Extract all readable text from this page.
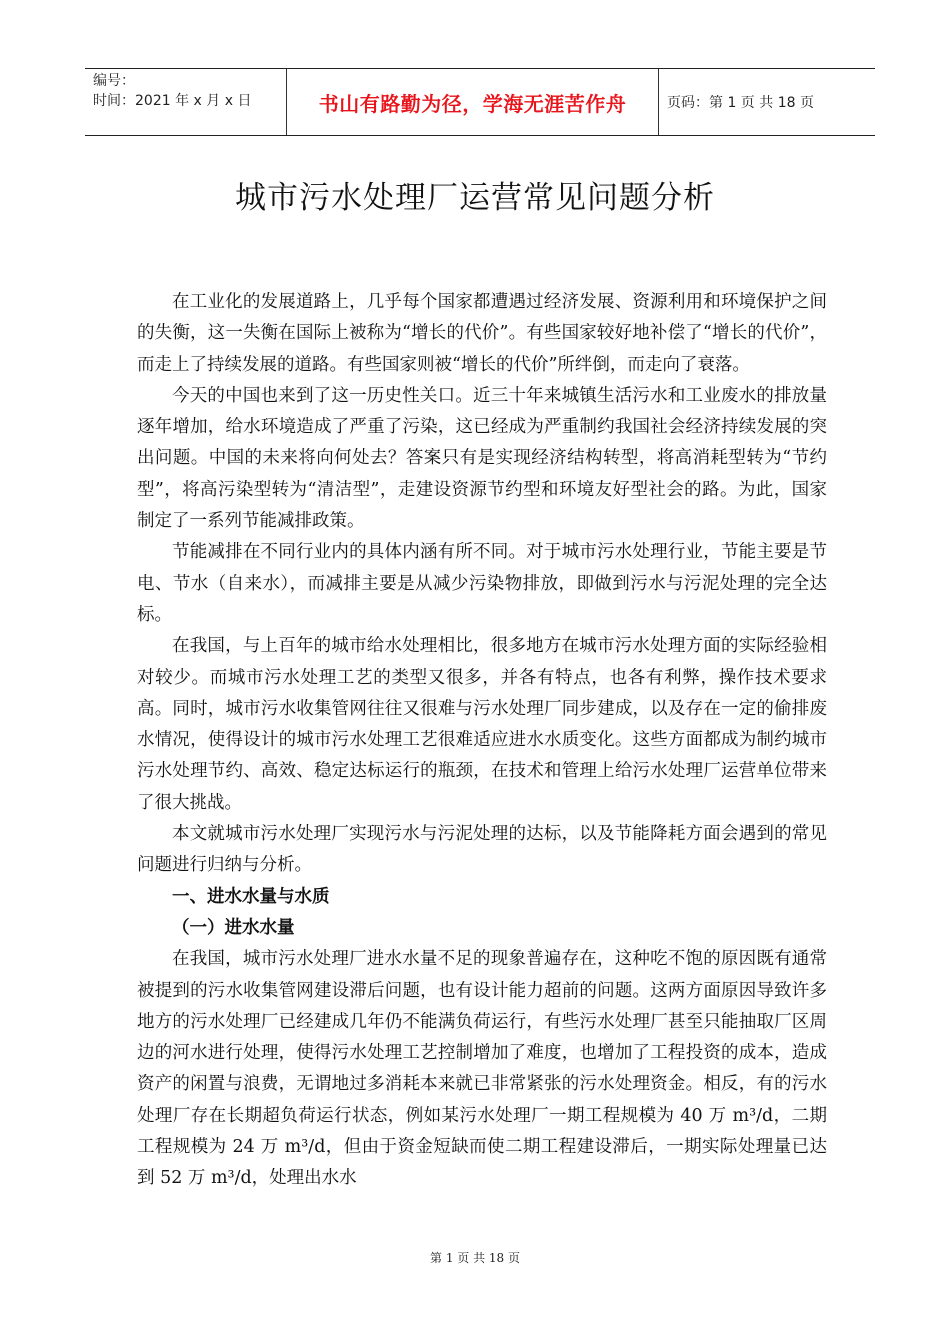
编号：
时间：2021 年 x 月 x 日	书山有路勤为径，学海无涯苦作舟	页码：第 1 页 共 18 页
城市污水处理厂运营常见问题分析

在工业化的发展道路上，几乎每个国家都遭遇过经济发展、资源利用和环境保护之间的失衡，这一失衡在国际上被称为“增长的代价”。有些国家较好地补偿了“增长的代价”，而走上了持续发展的道路。有些国家则被“增长的代价”所绊倒，而走向了衰落。

今天的中国也来到了这一历史性关口。近三十年来城镇生活污水和工业废水的排放量逐年增加，给水环境造成了严重了污染，这已经成为严重制约我国社会经济持续发展的突出问题。中国的未来将向何处去？答案只有是实现经济结构转型，将高消耗型转为“节约型”，将高污染型转为“清洁型”，走建设资源节约型和环境友好型社会的路。为此，国家制定了一系列节能减排政策。

节能减排在不同行业内的具体内涵有所不同。对于城市污水处理行业，节能主要是节电、节水（自来水），而减排主要是从减少污染物排放，即做到污水与污泥处理的完全达标。

在我国，与上百年的城市给水处理相比，很多地方在城市污水处理方面的实际经验相对较少。而城市污水处理工艺的类型又很多，并各有特点，也各有利弊，操作技术要求高。同时，城市污水收集管网往往又很难与污水处理厂同步建成，以及存在一定的偷排废水情况，使得设计的城市污水处理工艺很难适应进水水质变化。这些方面都成为制约城市污水处理节约、高效、稳定达标运行的瓶颈，在技术和管理上给污水处理厂运营单位带来了很大挑战。

本文就城市污水处理厂实现污水与污泥处理的达标，以及节能降耗方面会遇到的常见问题进行归纳与分析。

一、进水水量与水质
（一）进水水量

在我国，城市污水处理厂进水水量不足的现象普遍存在，这种吃不饱的原因既有通常被提到的污水收集管网建设滞后问题，也有设计能力超前的问题。这两方面原因导致许多地方的污水处理厂已经建成几年仍不能满负荷运行，有些污水处理厂甚至只能抽取厂区周边的河水进行处理，使得污水处理工艺控制增加了难度，也增加了工程投资的成本，造成资产的闲置与浪费，无谓地过多消耗本来就已非常紧张的污水处理资金。相反，有的污水处理厂存在长期超负荷运行状态，例如某污水处理厂一期工程规模为 40 万 m³/d，二期工程规模为 24 万 m³/d，但由于资金短缺而使二期工程建设滞后，一期实际处理量已达到 52 万 m³/d，处理出水水

第 1 页 共 18 页
